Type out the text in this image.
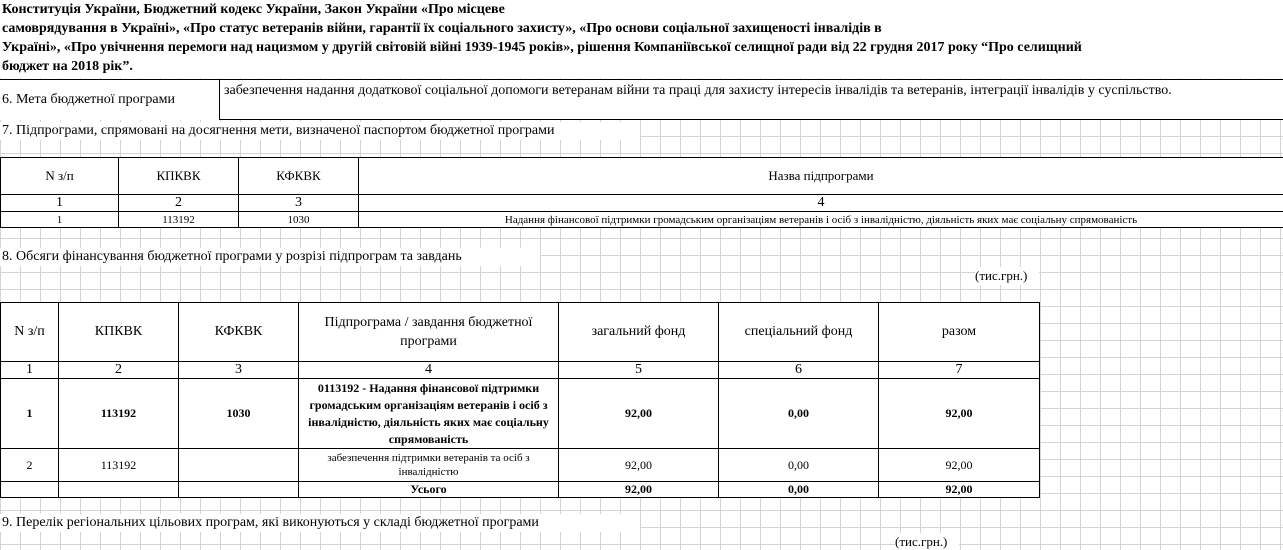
Конституція України, Бюджетний кодекс України, Закон України «Про місцеве
самоврядування в Україні», «Про статус ветеранів війни, гарантії їх соціального захисту», «Про основи соціальної захищеності інвалідів в
Україні», «Про увічнення перемоги над нацизмом у другій світовій війні 1939-1945 років», рішення Компаніївської селищної ради від 22 грудня 2017 року “Про селищний
бюджет на 2018 рік”.
6. Мета бюджетної програми
забезпечення надання додаткової соціальної допомоги ветеранам війни та праці для захисту інтересів інвалідів та ветеранів, інтеграції інвалідів у суспільство.
7. Підпрограми, спрямовані на досягнення мети, визначеної паспортом бюджетної програми
N з/п	КПКВК	КФКВК	Назва підпрограми
1	2	3	4
1	113192	1030	Надання фінансової підтримки громадським організаціям ветеранів і осіб з інвалідністю, діяльність яких має соціальну спрямованість
8. Обсяги фінансування бюджетної програми у розрізі підпрограм та завдань
(тис.грн.)
N з/п	КПКВК	КФКВК	Підпрограма / завдання бюджетної програми	загальний фонд	спеціальний фонд	разом
1	2	3	4	5	6	7
1	113192	1030	0113192 - Надання фінансової підтримки громадським організаціям ветеранів і осіб з інвалідністю, діяльність яких має соціальну спрямованість	92,00	0,00	92,00
2	113192		забезпечення підтримки ветеранів та осіб з інвалідністю	92,00	0,00	92,00
			Усього	92,00	0,00	92,00
9. Перелік регіональних цільових програм, які виконуються у складі бюджетної програми
(тис.грн.)
